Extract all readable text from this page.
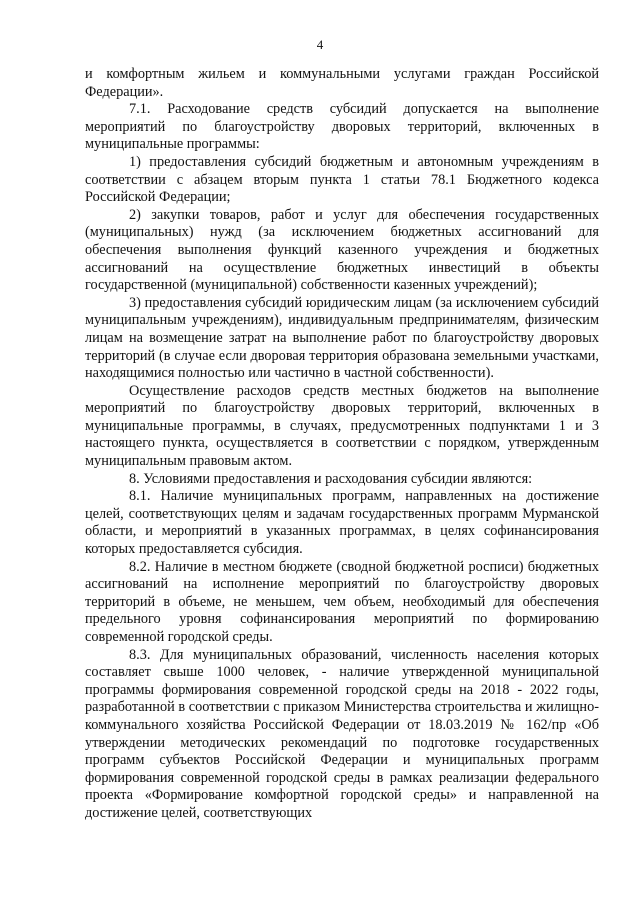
4

и комфортным жильем и коммунальными услугами граждан Российской Федерации».

7.1. Расходование средств субсидий допускается на выполнение мероприятий по благоустройству дворовых территорий, включенных в муниципальные программы:

1) предоставления субсидий бюджетным и автономным учреждениям в соответствии с абзацем вторым пункта 1 статьи 78.1 Бюджетного кодекса Российской Федерации;

2) закупки товаров, работ и услуг для обеспечения государственных (муниципальных) нужд (за исключением бюджетных ассигнований для обеспечения выполнения функций казенного учреждения и бюджетных ассигнований на осуществление бюджетных инвестиций в объекты государственной (муниципальной) собственности казенных учреждений);

3) предоставления субсидий юридическим лицам (за исключением субсидий муниципальным учреждениям), индивидуальным предпринимателям, физическим лицам на возмещение затрат на выполнение работ по благоустройству дворовых территорий (в случае если дворовая территория образована земельными участками, находящимися полностью или частично в частной собственности).

Осуществление расходов средств местных бюджетов на выполнение мероприятий по благоустройству дворовых территорий, включенных в муниципальные программы, в случаях, предусмотренных подпунктами 1 и 3 настоящего пункта, осуществляется в соответствии с порядком, утвержденным муниципальным правовым актом.

8. Условиями предоставления и расходования субсидии являются:

8.1. Наличие муниципальных программ, направленных на достижение целей, соответствующих целям и задачам государственных программ Мурманской области, и мероприятий в указанных программах, в целях софинансирования которых предоставляется субсидия.

8.2. Наличие в местном бюджете (сводной бюджетной росписи) бюджетных ассигнований на исполнение мероприятий по благоустройству дворовых территорий в объеме, не меньшем, чем объем, необходимый для обеспечения предельного уровня софинансирования мероприятий по формированию современной городской среды.

8.3. Для муниципальных образований, численность населения которых составляет свыше 1000 человек, - наличие утвержденной муниципальной программы формирования современной городской среды на 2018 - 2022 годы, разработанной в соответствии с приказом Министерства строительства и жилищно-коммунального хозяйства Российской Федерации от 18.03.2019 № 162/пр «Об утверждении методических рекомендаций по подготовке государственных программ субъектов Российской Федерации и муниципальных программ формирования современной городской среды в рамках реализации федерального проекта «Формирование комфортной городской среды» и направленной на достижение целей, соответствующих
